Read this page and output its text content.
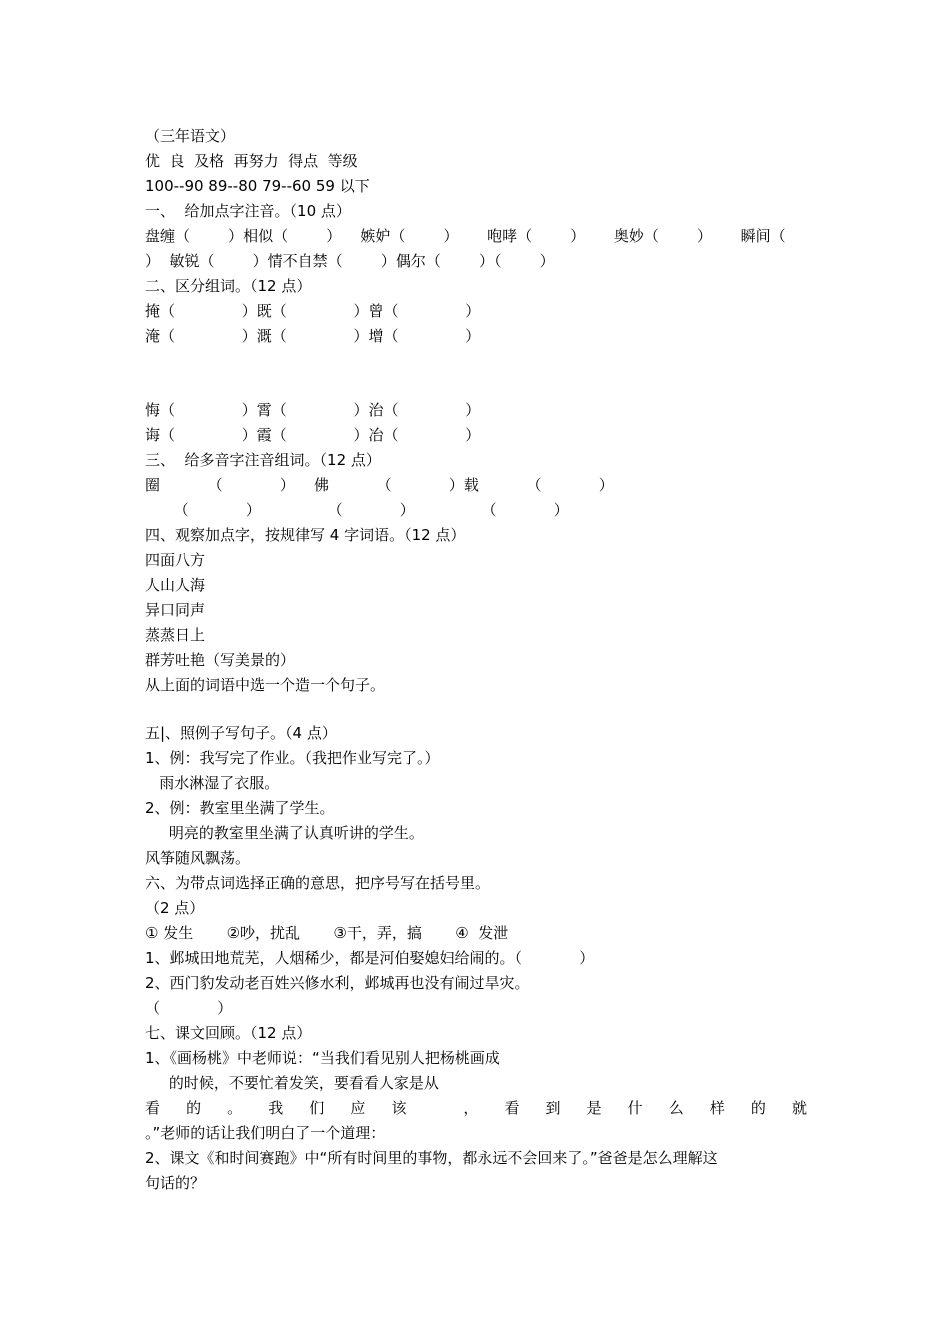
（三年语文）
优  良  及格  再努力  得点  等级
100--90 89--80 79--60 59 以下
一、  给加点字注音。（10 点）
盘缠（        ）相似（        ）    嫉妒（        ）      咆哮（        ）      奥妙（        ）      瞬间（
）  敏锐（        ）情不自禁（        ）偶尔（        ）（        ）
二、区分组词。（12 点）
掩（              ）既（              ）曾（              ）
淹（              ）溉（              ）增（              ）
悔（              ）霄（              ）治（              ）
诲（              ）霞（              ）冶（              ）
三、  给多音字注音组词。（12 点）
圈          （            ）    佛          （            ）载          （            ）
（            ）              （            ）              （            ）
四、观察加点字，按规律写 4 字词语。（12 点）
四面八方
人山人海
异口同声
蒸蒸日上
群芳吐艳（写美景的）
从上面的词语中选一个造一个句子。
五|、照例子写句子。（4 点）
1、例：我写完了作业。（我把作业写完了。）
雨水淋湿了衣服。
2、例：教室里坐满了学生。
明亮的教室里坐满了认真听讲的学生。
风筝随风飘荡。
六、为带点词选择正确的意思，把序号写在括号里。
（2 点）
① 发生       ②吵，扰乱       ③干，弄，搞       ④  发泄
1、邺城田地荒芜，人烟稀少，都是河伯娶媳妇给闹的。（            ）
2、西门豹发动老百姓兴修水利，邺城再也没有闹过旱灾。
（            ）
七、课文回顾。（12 点）
1、《画杨桃》中老师说：“当我们看见别人把杨桃画成
的时候，不要忙着发笑，要看看人家是从
看的。我们应该 ，看到是什么样的就
。”老师的话让我们明白了一个道理：
2、课文《和时间赛跑》中“所有时间里的事物，都永远不会回来了。”爸爸是怎么理解这
句话的？
